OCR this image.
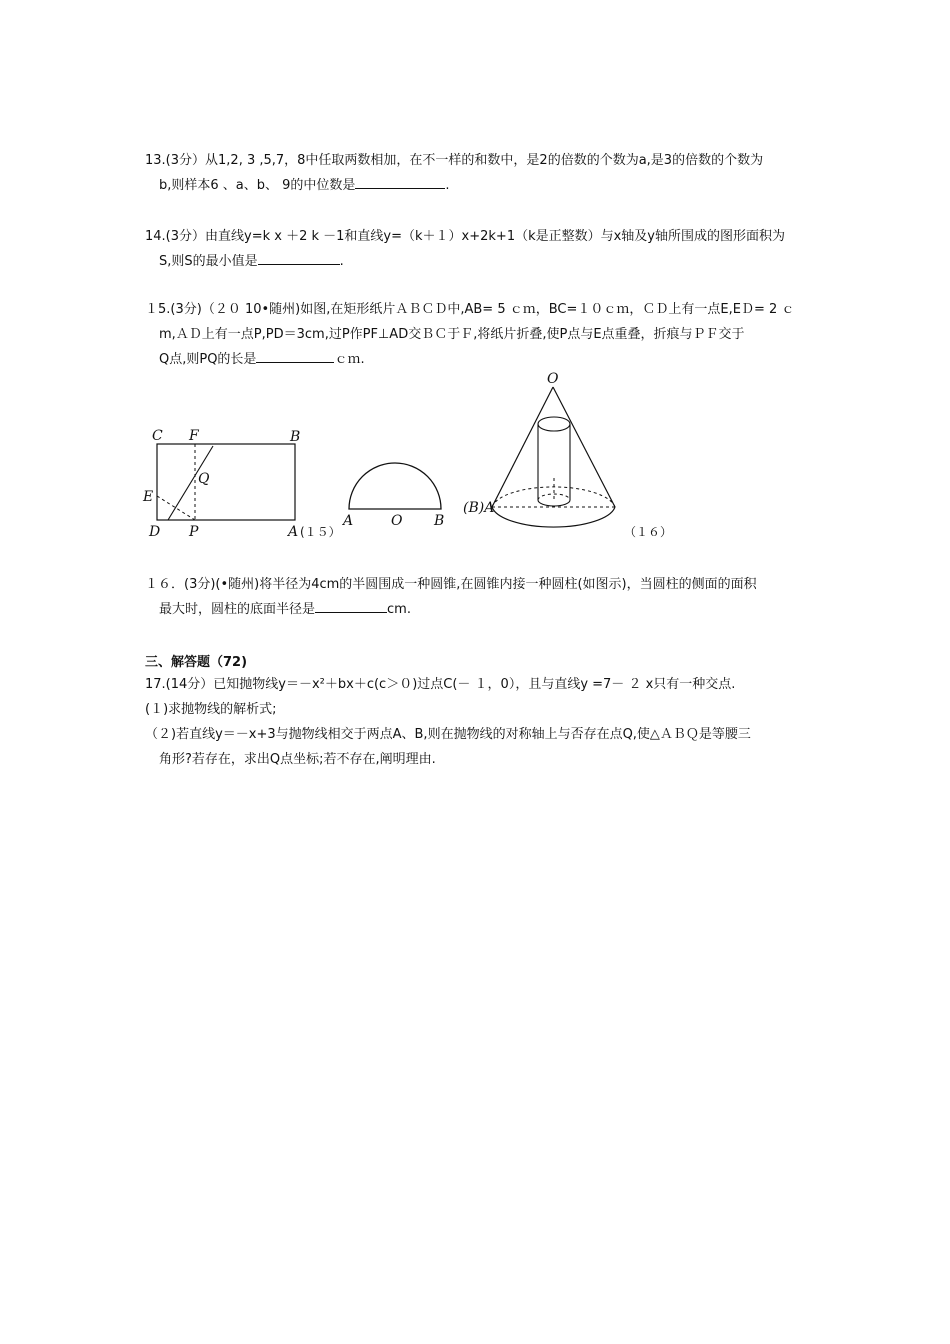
13.(3分）从1,2, 3 ,5,7，8中任取两数相加，在不一样的和数中，是2的倍数的个数为a,是3的倍数的个数为
b,则样本6 、a、b、 9的中位数是	.
14.(3分）由直线y=k x ＋2 k －1和直线y=（k＋１）x+2k+1（k是正整数）与x轴及y轴所围成的图形面积为
S,则S的最小值是	.
１5.(3分)（２０ 10•随州)如图,在矩形纸片ＡＢＣＤ中,AB= 5 ｃｍ，BC=１０ｃｍ，ＣＤ上有一点E,EＤ= 2 ｃ
m,ＡＤ上有一点P,PD＝3cm,过P作PF⊥AD交ＢＣ于Ｆ,将纸片折叠,使P点与E点重叠，折痕与ＰＦ交于
Q点,则PQ的长是	ｃｍ.
C F	B
E
Q
D P	A (１５）
A	O B
O
(B)A
（１６）
１６．(3分)(•随州)将半径为4cm的半圆围成一种圆锥,在圆锥内接一种圆柱(如图示)，当圆柱的侧面的面积
最大时，圆柱的底面半径是	cm.
三、解答题（72)
17.(14分）已知抛物线y＝－x²＋bx＋c(c＞０)过点C(－ １，0），且与直线y =7－ ２ x只有一种交点.
(１)求抛物线的解析式;
（２)若直线y＝－x+3与抛物线相交于两点A、B,则在抛物线的对称轴上与否存在点Q,使△ＡＢＱ是等腰三
角形?若存在，求出Q点坐标;若不存在,阐明理由.
